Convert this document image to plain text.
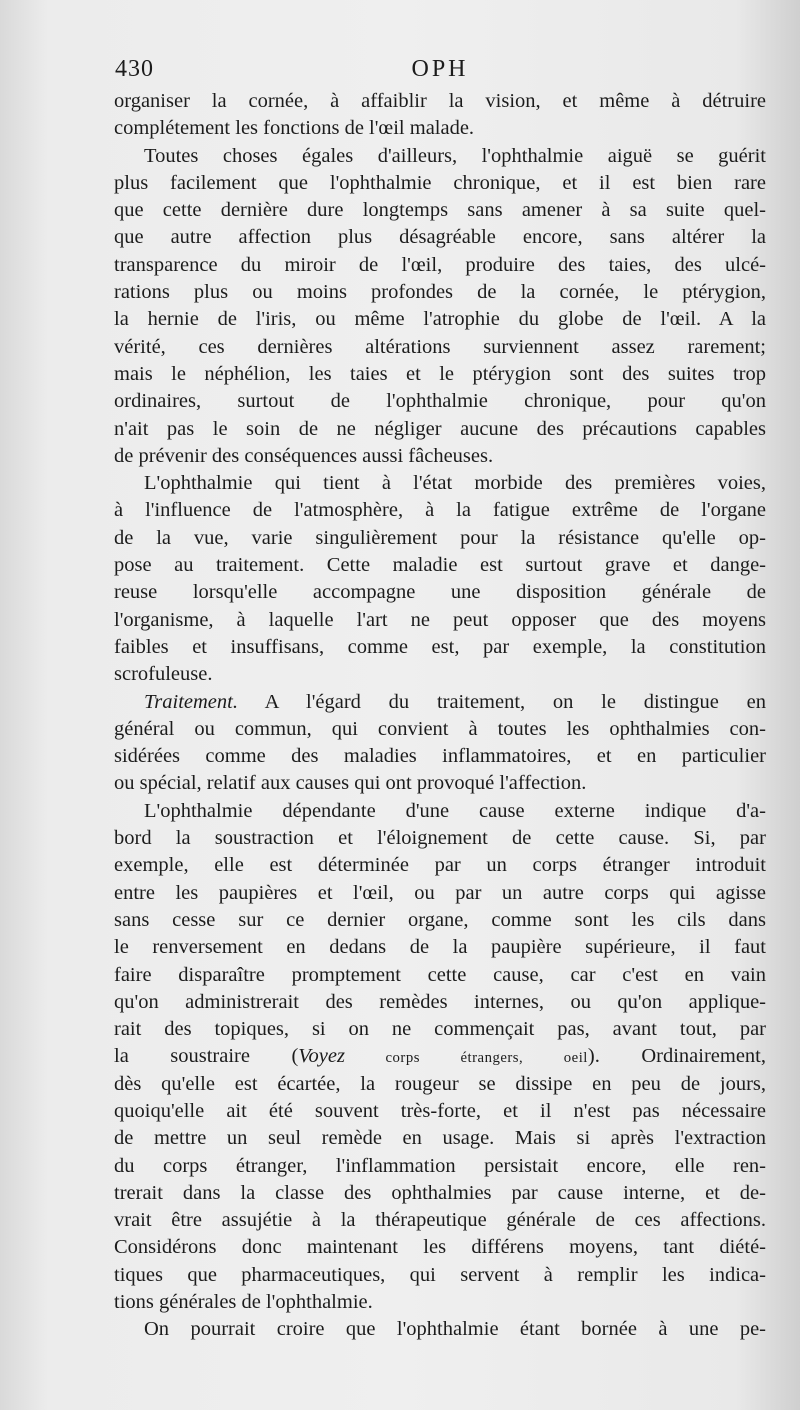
430	OPH
organiser la cornée, à affaiblir la vision, et même à détruire
complétement les fonctions de l'œil malade.
Toutes choses égales d'ailleurs, l'ophthalmie aiguë se guérit
plus facilement que l'ophthalmie chronique, et il est bien rare
que cette dernière dure longtemps sans amener à sa suite quel-
que autre affection plus désagréable encore, sans altérer la
transparence du miroir de l'œil, produire des taies, des ulcé-
rations plus ou moins profondes de la cornée, le ptérygion,
la hernie de l'iris, ou même l'atrophie du globe de l'œil. A la
vérité, ces dernières altérations surviennent assez rarement;
mais le néphélion, les taies et le ptérygion sont des suites trop
ordinaires, surtout de l'ophthalmie chronique, pour qu'on
n'ait pas le soin de ne négliger aucune des précautions capables
de prévenir des conséquences aussi fâcheuses.
L'ophthalmie qui tient à l'état morbide des premières voies,
à l'influence de l'atmosphère, à la fatigue extrême de l'organe
de la vue, varie singulièrement pour la résistance qu'elle op-
pose au traitement. Cette maladie est surtout grave et dange-
reuse lorsqu'elle accompagne une disposition générale de
l'organisme, à laquelle l'art ne peut opposer que des moyens
faibles et insuffisans, comme est, par exemple, la constitution
scrofuleuse.
Traitement. A l'égard du traitement, on le distingue en
général ou commun, qui convient à toutes les ophthalmies con-
sidérées comme des maladies inflammatoires, et en particulier
ou spécial, relatif aux causes qui ont provoqué l'affection.
L'ophthalmie dépendante d'une cause externe indique d'a-
bord la soustraction et l'éloignement de cette cause. Si, par
exemple, elle est déterminée par un corps étranger introduit
entre les paupières et l'œil, ou par un autre corps qui agisse
sans cesse sur ce dernier organe, comme sont les cils dans
le renversement en dedans de la paupière supérieure, il faut
faire disparaître promptement cette cause, car c'est en vain
qu'on administrerait des remèdes internes, ou qu'on applique-
rait des topiques, si on ne commençait pas, avant tout, par
la soustraire (Voyez corps étrangers, oeil). Ordinairement,
dès qu'elle est écartée, la rougeur se dissipe en peu de jours,
quoiqu'elle ait été souvent très-forte, et il n'est pas nécessaire
de mettre un seul remède en usage. Mais si après l'extraction
du corps étranger, l'inflammation persistait encore, elle ren-
trerait dans la classe des ophthalmies par cause interne, et de-
vrait être assujétie à la thérapeutique générale de ces affections.
Considérons donc maintenant les différens moyens, tant diété-
tiques que pharmaceutiques, qui servent à remplir les indica-
tions générales de l'ophthalmie.
On pourrait croire que l'ophthalmie étant bornée à une pe-
